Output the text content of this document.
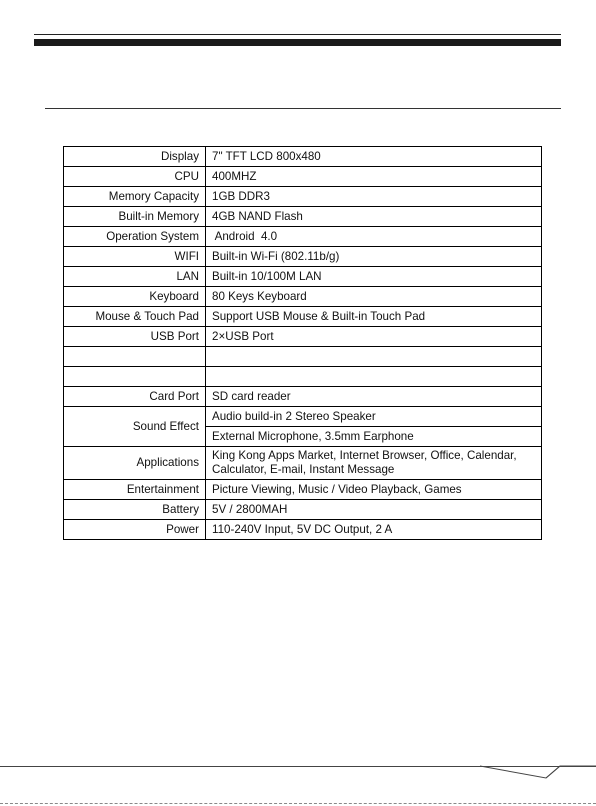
Display	7" TFT LCD 800x480
CPU	400MHZ
Memory Capacity	1GB DDR3
Built-in Memory	4GB NAND Flash
Operation System	Android  4.0
WIFI	Built-in Wi-Fi (802.11b/g)
LAN	Built-in 10/100M LAN
Keyboard	80 Keys Keyboard
Mouse & Touch Pad	Support USB Mouse & Built-in Touch Pad
USB Port	2×USB Port

Card Port	SD card reader
Sound Effect	Audio build-in 2 Stereo Speaker
	External Microphone, 3.5mm Earphone
Applications	King Kong Apps Market, Internet Browser, Office, Calendar,
Calculator, E-mail, Instant Message

Entertainment	Picture Viewing, Music / Video Playback, Games
Battery	5V / 2800MAH
Power	110-240V Input, 5V DC Output, 2 A
